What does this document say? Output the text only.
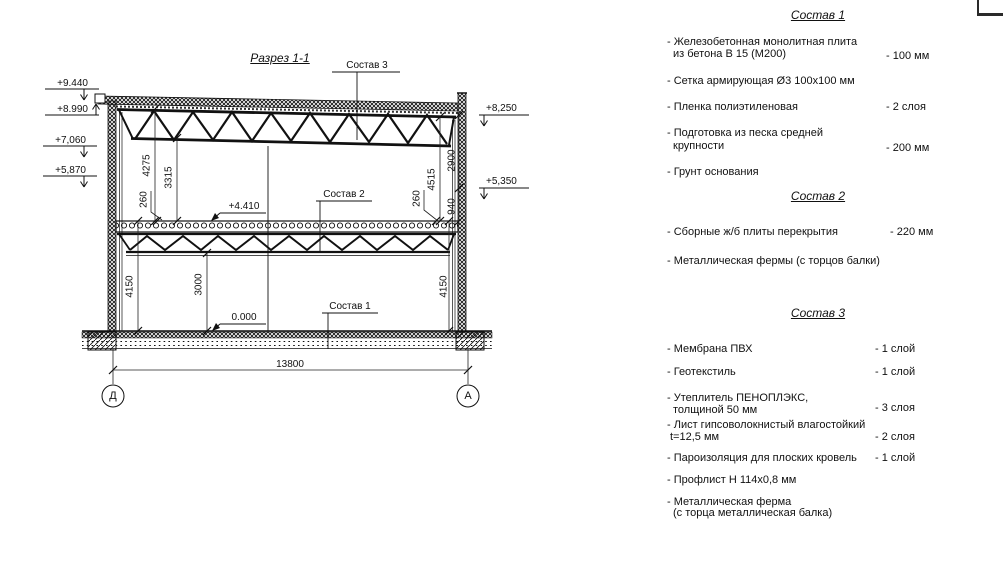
Разрез 1-1
Состав 3
Состав 2
Состав 1
+9.440
+8.990
+7,060
+5,870
+8,250
+5,350
+4.410
0.000
4275
3315
260
4150	3000
4515
2900
260 940
4150
13800
Д	А
Состав 1
- Железобетонная монолитная плита
из бетона В 15 (М200)	- 100 мм
- Сетка армирующая Ø3 100х100 мм
- Пленка полиэтиленовая	- 2 слоя
- Подготовка из песка средней
крупности	- 200 мм
- Грунт основания
Состав 2
- Сборные ж/б плиты перекрытия	- 220 мм
- Металлическая фермы (с торцов балки)
Состав 3
- Мембрана ПВХ	- 1 слой
- Геотекстиль	- 1 слой
- Утеплитель ПЕНОПЛЭКС,
толщиной 50 мм	- 3 слоя
- Лист гипсоволокнистый влагостойкий
t=12,5 мм	- 2 слоя
- Пароизоляция для плоских кровель - 1 слой
- Профлист Н 114х0,8 мм
- Металлическая ферма
(с торца металлическая балка)
